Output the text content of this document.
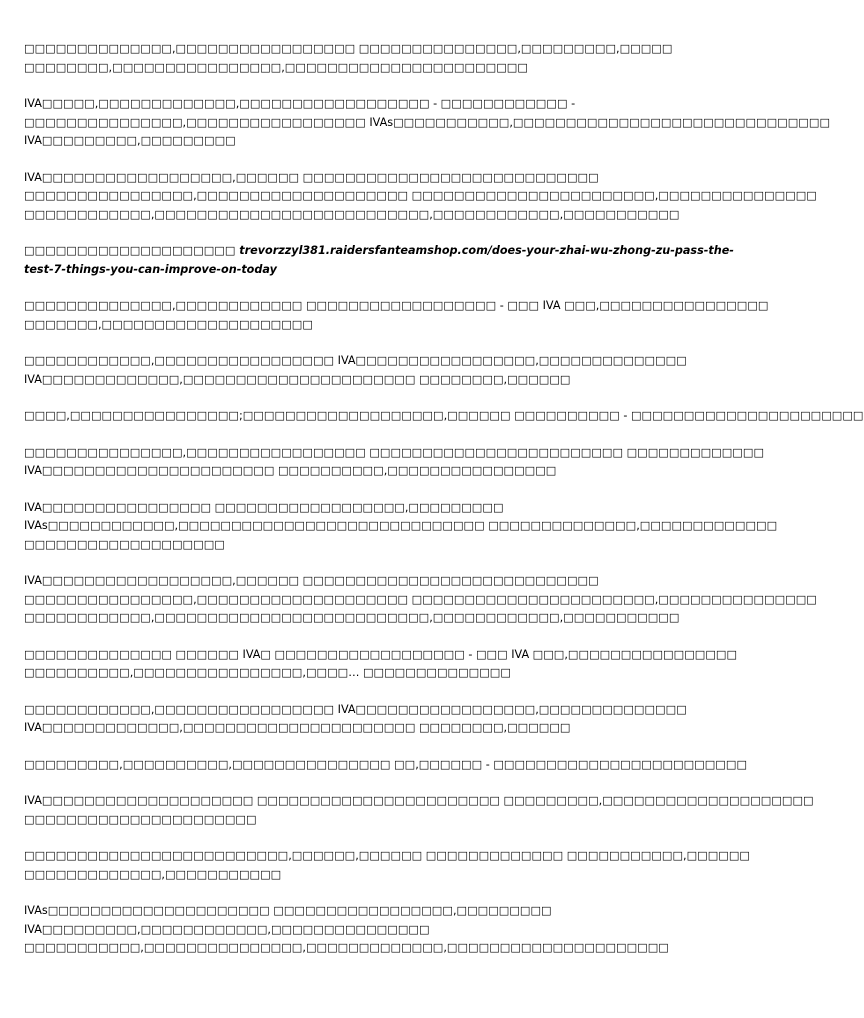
□□□□□□□□□□□□□□,□□□□□□□□□□□□□□□□□ □□□□□□□□□□□□□□□,□□□□□□□□□,□□□□□
□□□□□□□□,□□□□□□□□□□□□□□□□,□□□□□□□□□□□□□□□□□□□□□□□

IVA□□□□□,□□□□□□□□□□□□□,□□□□□□□□□□□□□□□□□□ - □□□□□□□□□□□□ -
□□□□□□□□□□□□□□□,□□□□□□□□□□□□□□□□□ IVAs□□□□□□□□□□□,□□□□□□□□□□□□□□□□□□□□□□□□□□□□□□
IVA□□□□□□□□□,□□□□□□□□□

IVA□□□□□□□□□□□□□□□□□□,□□□□□□ □□□□□□□□□□□□□□□□□□□□□□□□□□□□
□□□□□□□□□□□□□□□□,□□□□□□□□□□□□□□□□□□□□ □□□□□□□□□□□□□□□□□□□□□□□,□□□□□□□□□□□□□□□
□□□□□□□□□□□□,□□□□□□□□□□□□□□□□□□□□□□□□□□,□□□□□□□□□□□□,□□□□□□□□□□□

□□□□□□□□□□□□□□□□□□□□ trevorzzyl381.raidersfanteamshop.com/does-your-zhai-wu-zhong-zu-pass-the-
test-7-things-you-can-improve-on-today

□□□□□□□□□□□□□□,□□□□□□□□□□□□ □□□□□□□□□□□□□□□□□□ - □□□ IVA □□□,□□□□□□□□□□□□□□□□
□□□□□□□,□□□□□□□□□□□□□□□□□□□□

□□□□□□□□□□□□,□□□□□□□□□□□□□□□□□ IVA□□□□□□□□□□□□□□□□□,□□□□□□□□□□□□□□
IVA□□□□□□□□□□□□□,□□□□□□□□□□□□□□□□□□□□□□ □□□□□□□□,□□□□□□

□□□□,□□□□□□□□□□□□□□□□;□□□□□□□□□□□□□□□□□□□,□□□□□□ □□□□□□□□□□ - □□□□□□□□□□□□□□□□□□□□□□

□□□□□□□□□□□□□□□,□□□□□□□□□□□□□□□□□ □□□□□□□□□□□□□□□□□□□□□□□□ □□□□□□□□□□□□□
IVA□□□□□□□□□□□□□□□□□□□□□□ □□□□□□□□□□,□□□□□□□□□□□□□□□□

IVA□□□□□□□□□□□□□□□□ □□□□□□□□□□□□□□□□□□,□□□□□□□□□
IVAs□□□□□□□□□□□□,□□□□□□□□□□□□□□□□□□□□□□□□□□□□□ □□□□□□□□□□□□□□,□□□□□□□□□□□□□
□□□□□□□□□□□□□□□□□□□

IVA□□□□□□□□□□□□□□□□□□,□□□□□□ □□□□□□□□□□□□□□□□□□□□□□□□□□□□
□□□□□□□□□□□□□□□□,□□□□□□□□□□□□□□□□□□□□ □□□□□□□□□□□□□□□□□□□□□□□,□□□□□□□□□□□□□□□
□□□□□□□□□□□□,□□□□□□□□□□□□□□□□□□□□□□□□□□,□□□□□□□□□□□□,□□□□□□□□□□□

□□□□□□□□□□□□□□ □□□□□□ IVA□ □□□□□□□□□□□□□□□□□□ - □□□ IVA □□□,□□□□□□□□□□□□□□□□
□□□□□□□□□□,□□□□□□□□□□□□□□□□,□□□□… □□□□□□□□□□□□□□

□□□□□□□□□□□□,□□□□□□□□□□□□□□□□□ IVA□□□□□□□□□□□□□□□□□,□□□□□□□□□□□□□□
IVA□□□□□□□□□□□□□,□□□□□□□□□□□□□□□□□□□□□□ □□□□□□□□,□□□□□□

□□□□□□□□□,□□□□□□□□□□,□□□□□□□□□□□□□□□ □□,□□□□□□ - □□□□□□□□□□□□□□□□□□□□□□□□

IVA□□□□□□□□□□□□□□□□□□□□ □□□□□□□□□□□□□□□□□□□□□□□ □□□□□□□□□,□□□□□□□□□□□□□□□□□□□□
□□□□□□□□□□□□□□□□□□□□□□

□□□□□□□□□□□□□□□□□□□□□□□□□,□□□□□□,□□□□□□ □□□□□□□□□□□□□ □□□□□□□□□□□,□□□□□□
□□□□□□□□□□□□□,□□□□□□□□□□□

IVAs□□□□□□□□□□□□□□□□□□□□□ □□□□□□□□□□□□□□□□□,□□□□□□□□□
IVA□□□□□□□□□,□□□□□□□□□□□□,□□□□□□□□□□□□□□□
□□□□□□□□□□□,□□□□□□□□□□□□□□□,□□□□□□□□□□□□□,□□□□□□□□□□□□□□□□□□□□□
